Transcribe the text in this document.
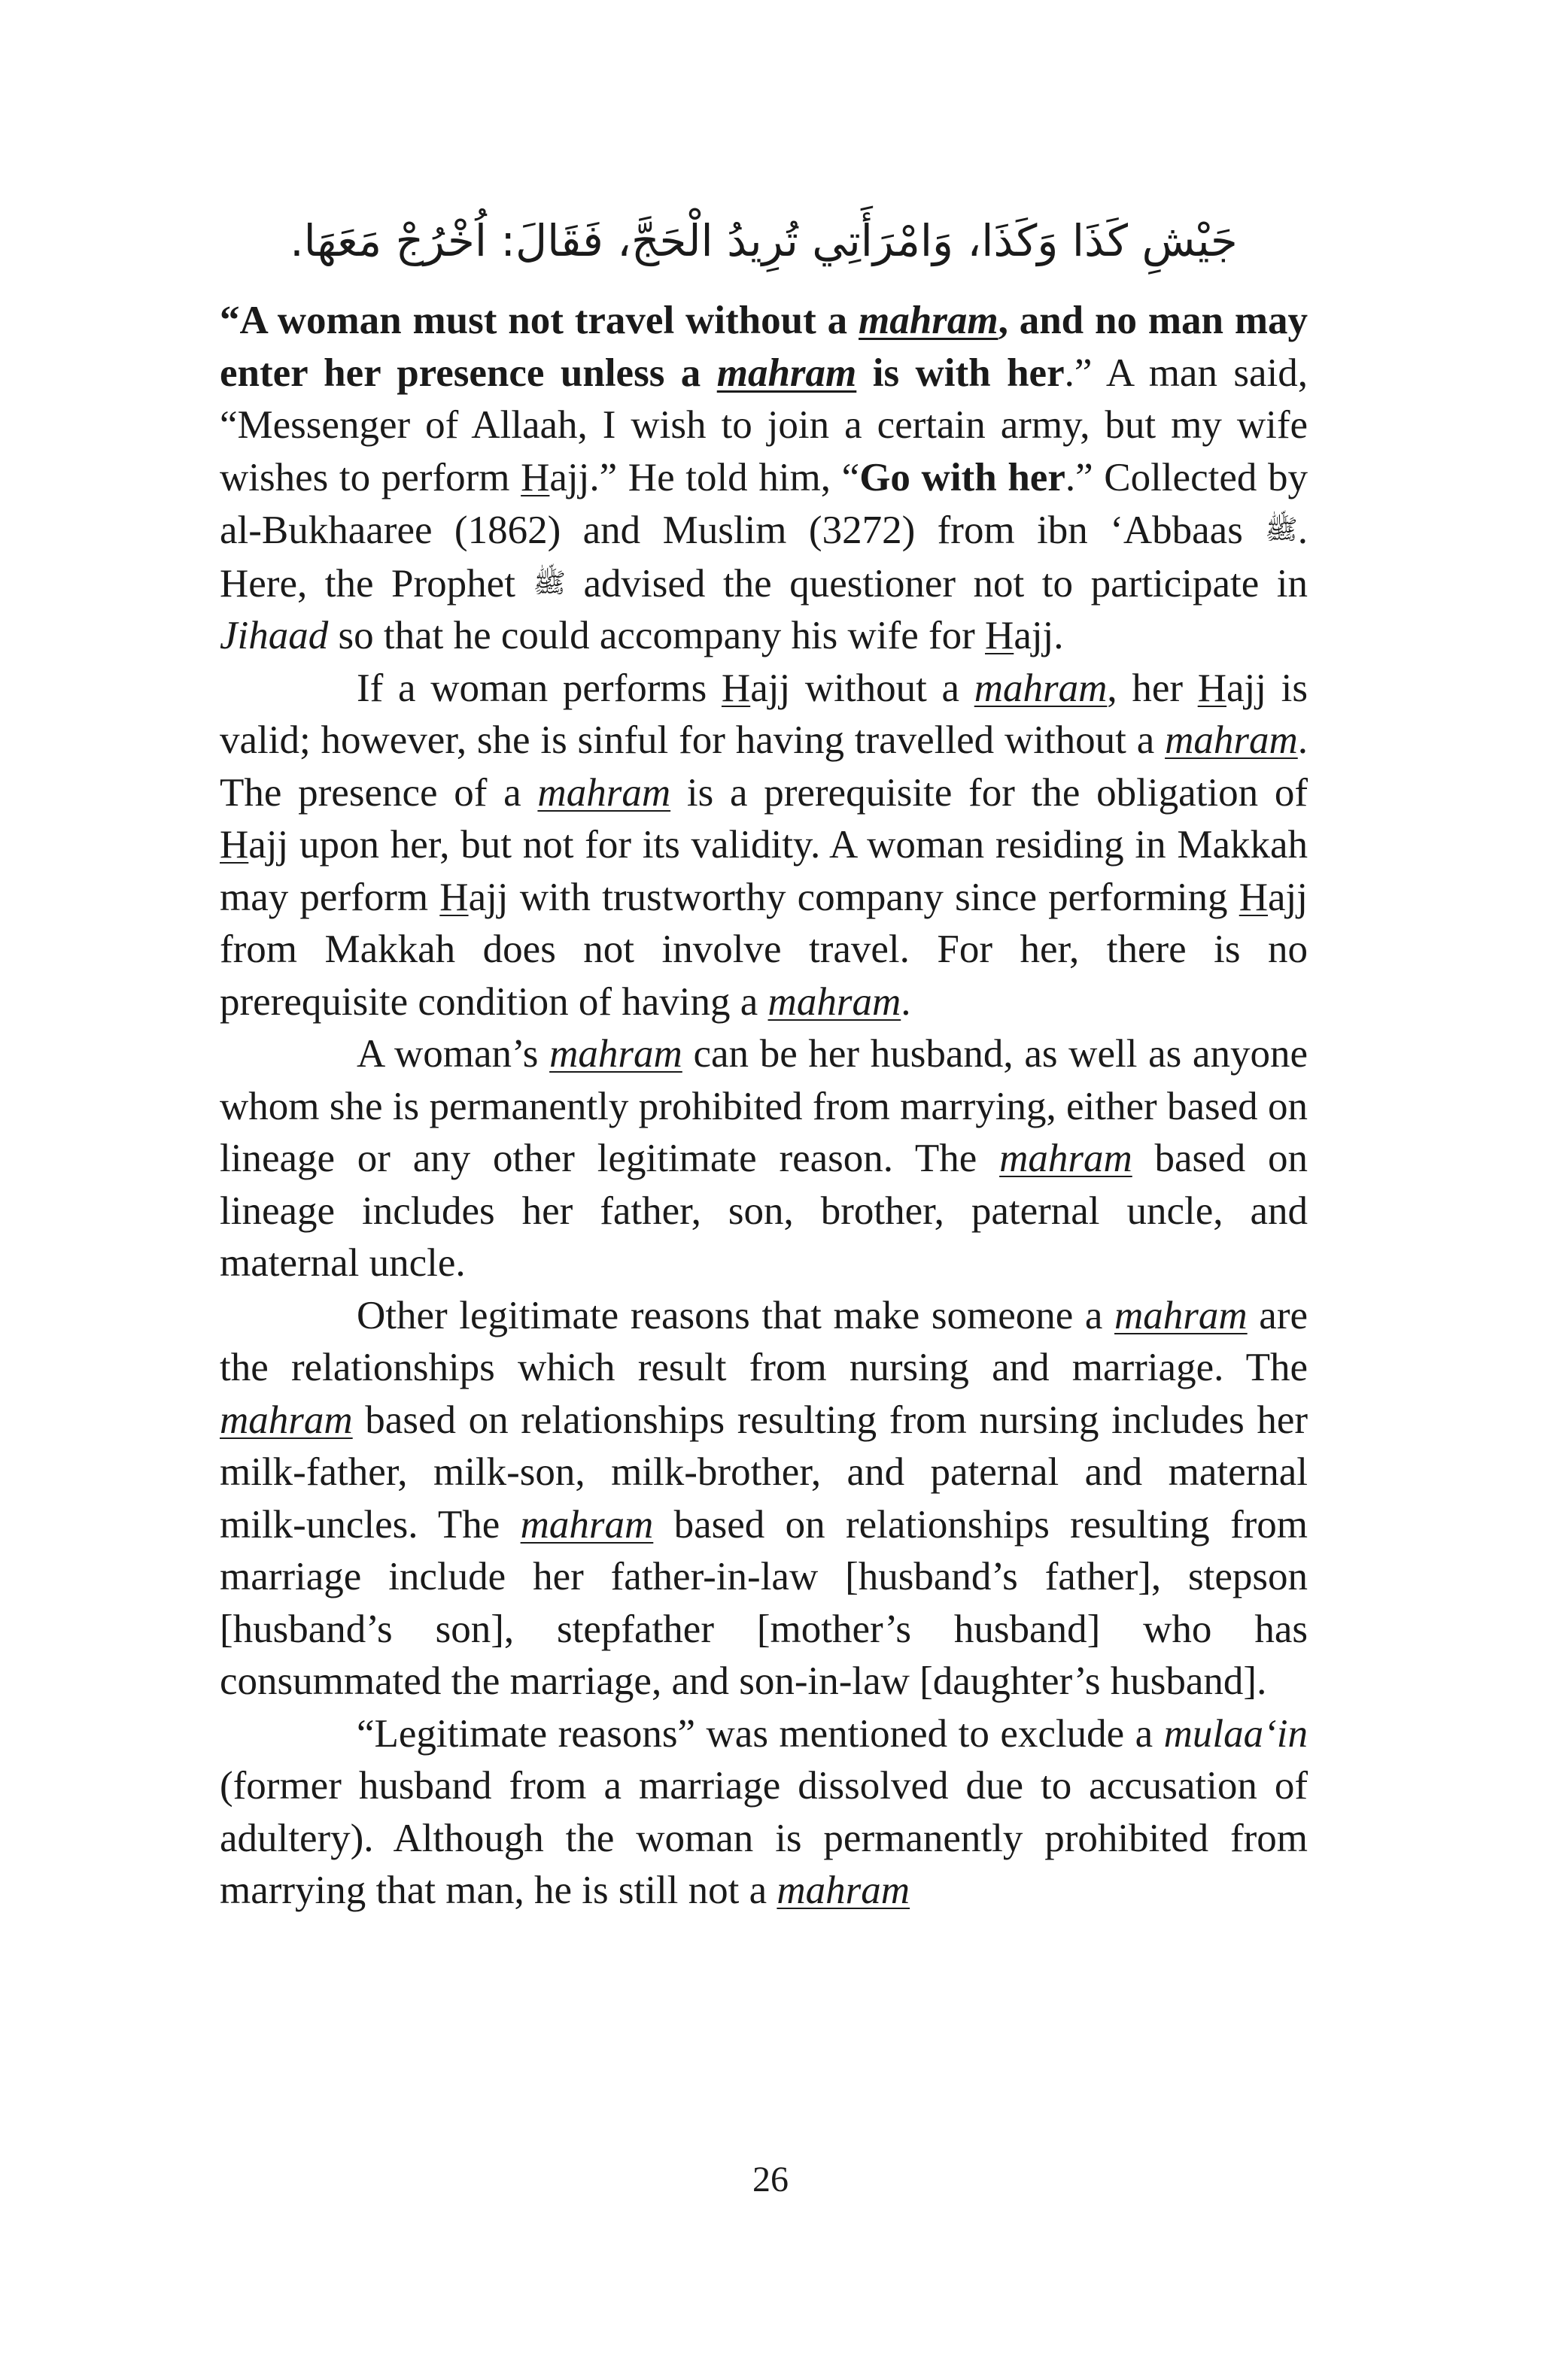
جَيْشِ كَذَا وَكَذَا، وَامْرَأَتِي تُرِيدُ الْحَجَّ، فَقَالَ: اُخْرُجْ مَعَهَا.

“A woman must not travel without a mahram, and no man may enter her presence unless a mahram is with her.” A man said, “Messenger of Allaah, I wish to join a certain army, but my wife wishes to perform Hajj.” He told him, “Go with her.” Collected by al-Bukhaaree (1862) and Muslim (3272) from ibn ‘Abbaas ﷺ. Here, the Prophet ﷺ advised the questioner not to participate in Jihaad so that he could accompany his wife for Hajj.

If a woman performs Hajj without a mahram, her Hajj is valid; however, she is sinful for having travelled without a mahram. The presence of a mahram is a prerequisite for the obligation of Hajj upon her, but not for its validity. A woman residing in Makkah may perform Hajj with trustworthy company since performing Hajj from Makkah does not involve travel. For her, there is no prerequisite condition of having a mahram.

A woman’s mahram can be her husband, as well as anyone whom she is permanently prohibited from marrying, either based on lineage or any other legitimate reason. The mahram based on lineage includes her father, son, brother, paternal uncle, and maternal uncle.

Other legitimate reasons that make someone a mahram are the relationships which result from nursing and marriage. The mahram based on relationships resulting from nursing includes her milk-father, milk-son, milk-brother, and paternal and maternal milk-uncles. The mahram based on relationships resulting from marriage include her father-in-law [husband’s father], stepson [husband’s son], stepfather [mother’s husband] who has consummated the marriage, and son-in-law [daughter’s husband].

“Legitimate reasons” was mentioned to exclude a mulaa‘in (former husband from a marriage dissolved due to accusation of adultery). Although the woman is permanently prohibited from marrying that man, he is still not a mahram

26
